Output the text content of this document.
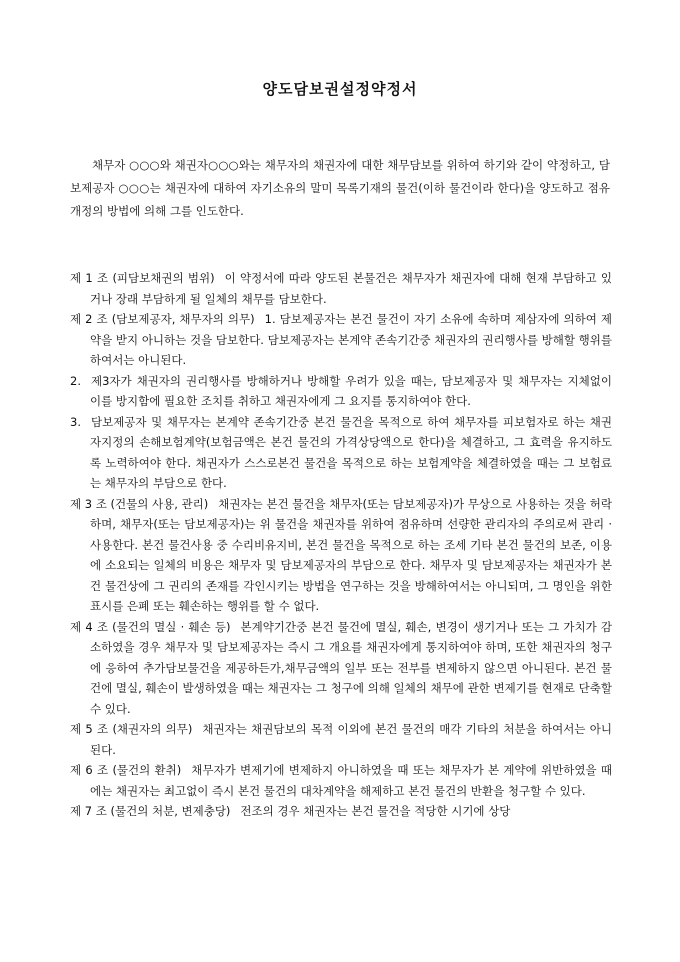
양도담보권설정약정서

채무자 ○○○와 채권자○○○와는 채무자의 채권자에 대한 채무담보를 위하여 하기와 같이 약정하고, 담보제공자 ○○○는 채권자에 대하여 자기소유의 말미 목록기재의 물건(이하 물건이라 한다)을 양도하고 점유개정의 방법에 의해 그를 인도한다.

제 1 조 (피담보채권의 범위) 이 약정서에 따라 양도된 본물건은 채무자가 채권자에 대해 현재 부담하고 있거나 장래 부담하게 될 일체의 채무를 담보한다.

제 2 조 (담보제공자, 채무자의 의무) 1. 담보제공자는 본건 물건이 자기 소유에 속하며 제삼자에 의하여 제약을 받지 아니하는 것을 담보한다. 담보제공자는 본계약 존속기간중 채권자의 권리행사를 방해할 행위를 하여서는 아니된다.

2. 제3자가 채권자의 권리행사를 방해하거나 방해할 우려가 있을 때는, 담보제공자 및 채무자는 지체없이 이를 방지함에 필요한 조치를 취하고 채권자에게 그 요지를 통지하여야 한다.

3. 담보제공자 및 채무자는 본계약 존속기간중 본건 물건을 목적으로 하여 채무자를 피보험자로 하는 채권자지정의 손해보험계약(보험금액은 본건 물건의 가격상당액으로 한다)을 체결하고, 그 효력을 유지하도록 노력하여야 한다. 채권자가 스스로본건 물건을 목적으로 하는 보험계약을 체결하였을 때는 그 보험료는 채무자의 부담으로 한다.

제 3 조 (건물의 사용, 관리) 채권자는 본건 물건을 채무자(또는 담보제공자)가 무상으로 사용하는 것을 허락하며, 채무자(또는 담보제공자)는 위 물건을 채권자를 위하여 점유하며 선량한 관리자의 주의로써 관리 · 사용한다. 본건 물건사용 중 수리비유지비, 본건 물건을 목적으로 하는 조세 기타 본건 물건의 보존, 이용에 소요되는 일체의 비용은 채무자 및 담보제공자의 부담으로 한다. 채무자 및 담보제공자는 채권자가 본건 물건상에 그 권리의 존재를 각인시키는 방법을 연구하는 것을 방해하여서는 아니되며, 그 명인을 위한 표시를 은폐 또는 훼손하는 행위를 할 수 없다.

제 4 조 (물건의 멸실 · 훼손 등) 본계약기간중 본건 물건에 멸실, 훼손, 변경이 생기거나 또는 그 가치가 감소하였을 경우 채무자 및 담보제공자는 즉시 그 개요를 채권자에게 통지하여야 하며, 또한 채권자의 청구에 응하여 추가담보물건을 제공하든가,채무금액의 일부 또는 전부를 변제하지 않으면 아니된다. 본건 물건에 멸실, 훼손이 발생하였을 때는 채권자는 그 청구에 의해 일체의 채무에 관한 변제기를 현재로 단축할 수 있다.

제 5 조 (채권자의 의무) 채권자는 채권담보의 목적 이외에 본건 물건의 매각 기타의 처분을 하여서는 아니된다.

제 6 조 (물건의 환취) 채무자가 변제기에 변제하지 아니하였을 때 또는 채무자가 본 계약에 위반하였을 때에는 채권자는 최고없이 즉시 본건 물건의 대차계약을 해제하고 본건 물건의 반환을 청구할 수 있다.

제 7 조 (물건의 처분, 변제충당) 전조의 경우 채권자는 본건 물건을 적당한 시기에 상당
